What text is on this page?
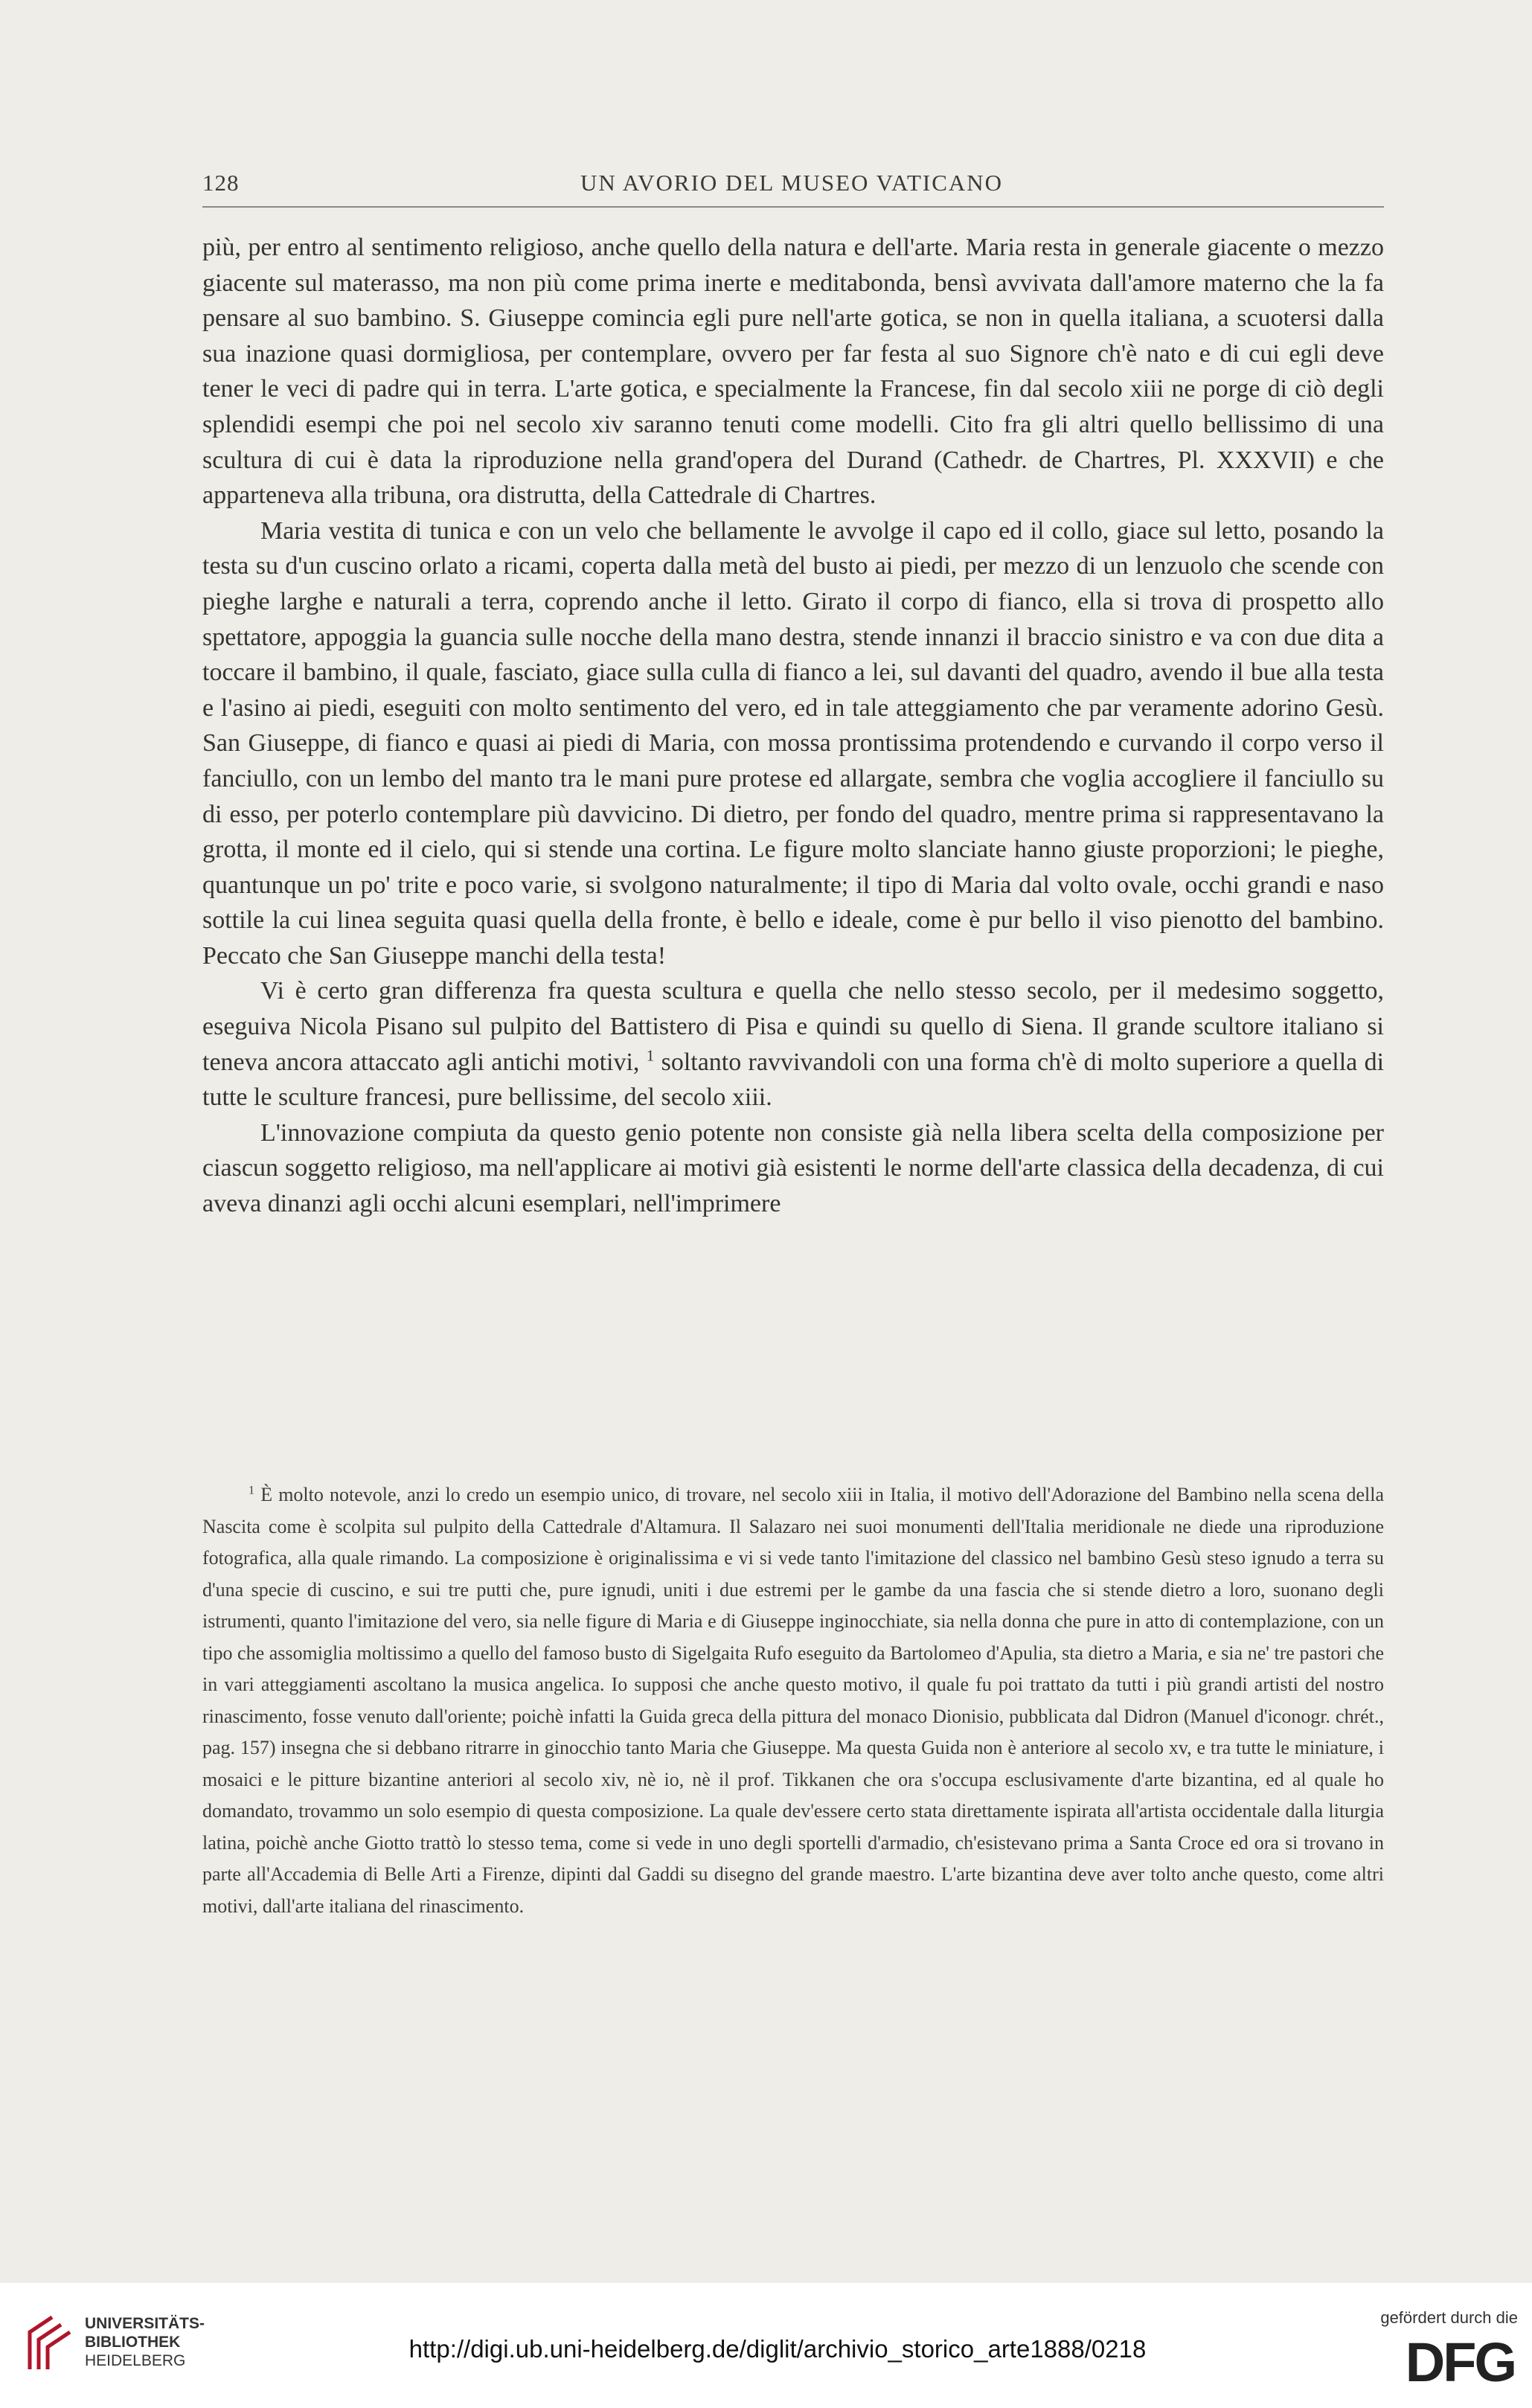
128	UN AVORIO DEL MUSEO VATICANO

più, per entro al sentimento religioso, anche quello della natura e dell'arte. Maria resta in generale giacente o mezzo giacente sul materasso, ma non più come prima inerte e meditabonda, bensì avvivata dall'amore materno che la fa pensare al suo bambino. S. Giuseppe comincia egli pure nell'arte gotica, se non in quella italiana, a scuotersi dalla sua inazione quasi dormigliosa, per contemplare, ovvero per far festa al suo Signore ch'è nato e di cui egli deve tener le veci di padre qui in terra. L'arte gotica, e specialmente la Francese, fin dal secolo xiii ne porge di ciò degli splendidi esempi che poi nel secolo xiv saranno tenuti come modelli. Cito fra gli altri quello bellissimo di una scultura di cui è data la riproduzione nella grand'opera del Durand (Cathedr. de Chartres, Pl. XXXVII) e che apparteneva alla tribuna, ora distrutta, della Cattedrale di Chartres.

Maria vestita di tunica e con un velo che bellamente le avvolge il capo ed il collo, giace sul letto, posando la testa su d'un cuscino orlato a ricami, coperta dalla metà del busto ai piedi, per mezzo di un lenzuolo che scende con pieghe larghe e naturali a terra, coprendo anche il letto. Girato il corpo di fianco, ella si trova di prospetto allo spettatore, appoggia la guancia sulle nocche della mano destra, stende innanzi il braccio sinistro e va con due dita a toccare il bambino, il quale, fasciato, giace sulla culla di fianco a lei, sul davanti del quadro, avendo il bue alla testa e l'asino ai piedi, eseguiti con molto sentimento del vero, ed in tale atteggiamento che par veramente adorino Gesù. San Giuseppe, di fianco e quasi ai piedi di Maria, con mossa prontissima protendendo e curvando il corpo verso il fanciullo, con un lembo del manto tra le mani pure protese ed allargate, sembra che voglia accogliere il fanciullo su di esso, per poterlo contemplare più davvicino. Di dietro, per fondo del quadro, mentre prima si rappresentavano la grotta, il monte ed il cielo, qui si stende una cortina. Le figure molto slanciate hanno giuste proporzioni; le pieghe, quantunque un po' trite e poco varie, si svolgono naturalmente; il tipo di Maria dal volto ovale, occhi grandi e naso sottile la cui linea seguita quasi quella della fronte, è bello e ideale, come è pur bello il viso pienotto del bambino. Peccato che San Giuseppe manchi della testa!

Vi è certo gran differenza fra questa scultura e quella che nello stesso secolo, per il medesimo soggetto, eseguiva Nicola Pisano sul pulpito del Battistero di Pisa e quindi su quello di Siena. Il grande scultore italiano si teneva ancora attaccato agli antichi motivi, $^1$ soltanto ravvivandoli con una forma ch'è di molto superiore a quella di tutte le sculture francesi, pure bellissime, del secolo xiii.

L'innovazione compiuta da questo genio potente non consiste già nella libera scelta della composizione per ciascun soggetto religioso, ma nell'applicare ai motivi già esistenti le norme dell'arte classica della decadenza, di cui aveva dinanzi agli occhi alcuni esemplari, nell'imprimere

$^1$ È molto notevole, anzi lo credo un esempio unico, di trovare, nel secolo xiii in Italia, il motivo dell'Adorazione del Bambino nella scena della Nascita come è scolpita sul pulpito della Cattedrale d'Altamura. Il Salazaro nei suoi monumenti dell'Italia meridionale ne diede una riproduzione fotografica, alla quale rimando. La composizione è originalissima e vi si vede tanto l'imitazione del classico nel bambino Gesù steso ignudo a terra su d'una specie di cuscino, e sui tre putti che, pure ignudi, uniti i due estremi per le gambe da una fascia che si stende dietro a loro, suonano degli istrumenti, quanto l'imitazione del vero, sia nelle figure di Maria e di Giuseppe inginocchiate, sia nella donna che pure in atto di contemplazione, con un tipo che assomiglia moltissimo a quello del famoso busto di Sigelgaita Rufo eseguito da Bartolomeo d'Apulia, sta dietro a Maria, e sia ne' tre pastori che in vari atteggiamenti ascoltano la musica angelica. Io supposi che anche questo motivo, il quale fu poi trattato da tutti i più grandi artisti del nostro rinascimento, fosse venuto dall'oriente; poichè infatti la Guida greca della pittura del monaco Dionisio, pubblicata dal Didron (Manuel d'iconogr. chrét., pag. 157) insegna che si debbano ritrarre in ginocchio tanto Maria che Giuseppe. Ma questa Guida non è anteriore al secolo xv, e tra tutte le miniature, i mosaici e le pitture bizantine anteriori al secolo xiv, nè io, nè il prof. Tikkanen che ora s'occupa esclusivamente d'arte bizantina, ed al quale ho domandato, trovammo un solo esempio di questa composizione. La quale dev'essere certo stata direttamente ispirata all'artista occidentale dalla liturgia latina, poichè anche Giotto trattò lo stesso tema, come si vede in uno degli sportelli d'armadio, ch'esistevano prima a Santa Croce ed ora si trovano in parte all'Accademia di Belle Arti a Firenze, dipinti dal Gaddi su disegno del grande maestro. L'arte bizantina deve aver tolto anche questo, come altri motivi, dall'arte italiana del rinascimento.

UNIVERSITÄTS-
BIBLIOTHEK
HEIDELBERG	http://digi.ub.uni-heidelberg.de/diglit/archivio_storico_arte1888/0218
gefördert durch die
DFG
